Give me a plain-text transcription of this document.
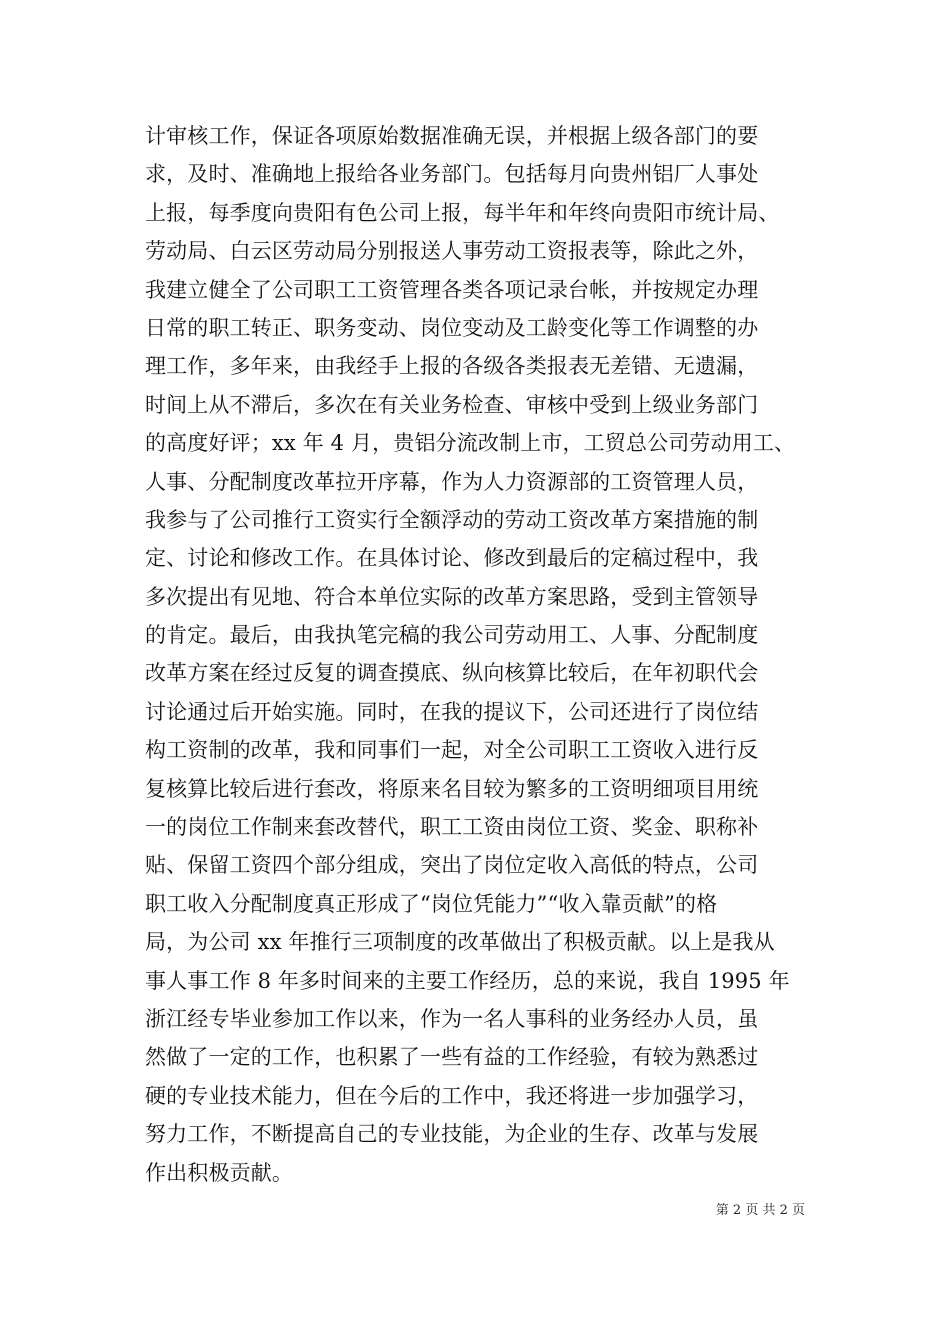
计审核工作，保证各项原始数据准确无误，并根据上级各部门的要
求，及时、准确地上报给各业务部门。包括每月向贵州铝厂人事处
上报，每季度向贵阳有色公司上报，每半年和年终向贵阳市统计局、
劳动局、白云区劳动局分别报送人事劳动工资报表等，除此之外，
我建立健全了公司职工工资管理各类各项记录台帐，并按规定办理
日常的职工转正、职务变动、岗位变动及工龄变化等工作调整的办
理工作，多年来，由我经手上报的各级各类报表无差错、无遗漏，
时间上从不滞后，多次在有关业务检查、审核中受到上级业务部门
的高度好评；xx 年 4 月，贵铝分流改制上市，工贸总公司劳动用工、
人事、分配制度改革拉开序幕，作为人力资源部的工资管理人员，
我参与了公司推行工资实行全额浮动的劳动工资改革方案措施的制
定、讨论和修改工作。在具体讨论、修改到最后的定稿过程中，我
多次提出有见地、符合本单位实际的改革方案思路，受到主管领导
的肯定。最后，由我执笔完稿的我公司劳动用工、人事、分配制度
改革方案在经过反复的调查摸底、纵向核算比较后，在年初职代会
讨论通过后开始实施。同时，在我的提议下，公司还进行了岗位结
构工资制的改革，我和同事们一起，对全公司职工工资收入进行反
复核算比较后进行套改，将原来名目较为繁多的工资明细项目用统
一的岗位工作制来套改替代，职工工资由岗位工资、奖金、职称补
贴、保留工资四个部分组成，突出了岗位定收入高低的特点，公司
职工收入分配制度真正形成了“岗位凭能力”“收入靠贡献”的格
局，为公司 xx 年推行三项制度的改革做出了积极贡献。以上是我从
事人事工作 8 年多时间来的主要工作经历，总的来说，我自 1995 年
浙江经专毕业参加工作以来，作为一名人事科的业务经办人员，虽
然做了一定的工作，也积累了一些有益的工作经验，有较为熟悉过
硬的专业技术能力，但在今后的工作中，我还将进一步加强学习，
努力工作，不断提高自己的专业技能，为企业的生存、改革与发展
作出积极贡献。
第 2 页 共 2 页
